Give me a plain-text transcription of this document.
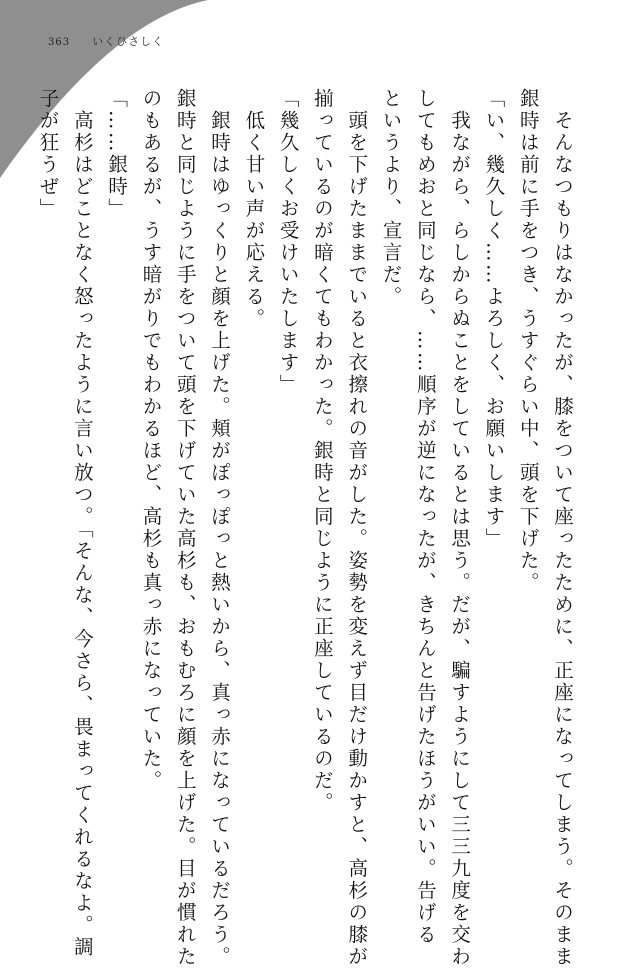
363 いくひさしく
　そんなつもりはなかったが、膝をついて座ったために、正座になってしまう。そのまま
銀時は前に手をつき、うすぐらい中、頭を下げた。
「い、幾久しく……よろしく、お願いします」
　我ながら、らしからぬことをしているとは思う。だが、騙すようにして三三九度を交わ
してもめおと同じなら、……順序が逆になったが、きちんと告げたほうがいい。告げる
というより、宣言だ。
　頭を下げたままでいると衣擦れの音がした。姿勢を変えず目だけ動かすと、高杉の膝が
揃っているのが暗くてもわかった。銀時と同じように正座しているのだ。
「幾久しくお受けいたします」
　低く甘い声が応える。
　銀時はゆっくりと顔を上げた。頬がぽっぽっと熱いから、真っ赤になっているだろう。
銀時と同じように手をついて頭を下げていた高杉も、おもむろに顔を上げた。目が慣れた
のもあるが、うす暗がりでもわかるほど、高杉も真っ赤になっていた。
「……銀時」
　高杉はどことなく怒ったように言い放つ。「そんな、今さら、畏まってくれるなよ。調
子が狂うぜ」
